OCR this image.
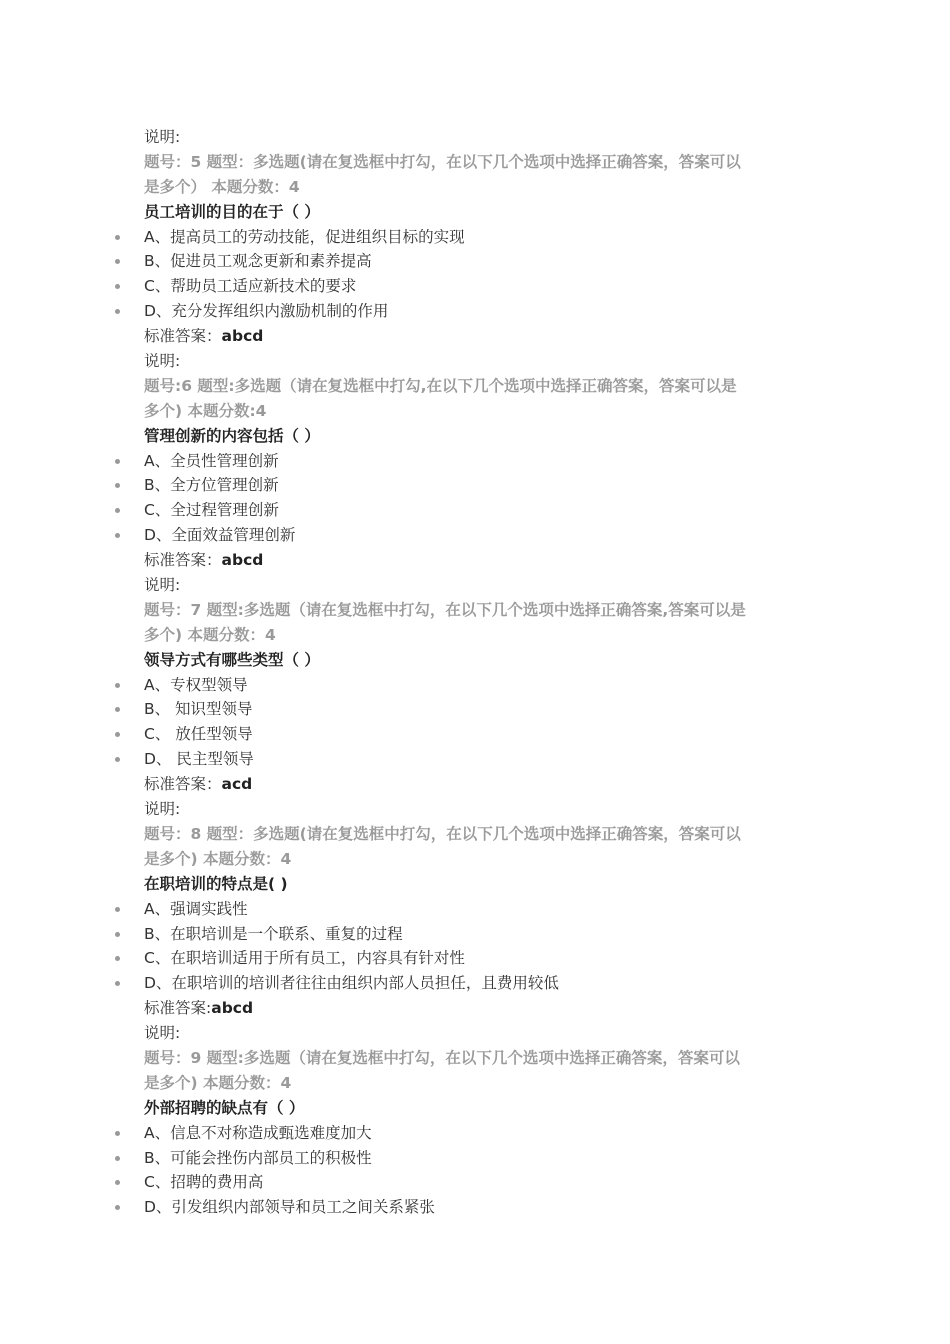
说明:
题号：5 题型：多选题(请在复选框中打勾，在以下几个选项中选择正确答案，答案可以
是多个） 本题分数：4
员工培训的目的在于（ ）
A、提高员工的劳动技能，促进组织目标的实现
B、促进员工观念更新和素养提高
C、帮助员工适应新技术的要求
D、充分发挥组织内激励机制的作用
标准答案：abcd
说明:
题号:6 题型:多选题（请在复选框中打勾,在以下几个选项中选择正确答案，答案可以是
多个) 本题分数:4
管理创新的内容包括（ ）
A、全员性管理创新
B、全方位管理创新
C、全过程管理创新
D、全面效益管理创新
标准答案：abcd
说明:
题号：7 题型:多选题（请在复选框中打勾，在以下几个选项中选择正确答案,答案可以是
多个) 本题分数：4
领导方式有哪些类型（ ）
A、专权型领导
B、 知识型领导
C、 放任型领导
D、 民主型领导
标准答案：acd
说明:
题号：8 题型：多选题(请在复选框中打勾，在以下几个选项中选择正确答案，答案可以
是多个) 本题分数：4
在职培训的特点是( )
A、强调实践性
B、在职培训是一个联系、重复的过程
C、在职培训适用于所有员工，内容具有针对性
D、在职培训的培训者往往由组织内部人员担任，且费用较低
标准答案:abcd
说明:
题号：9 题型:多选题（请在复选框中打勾，在以下几个选项中选择正确答案，答案可以
是多个) 本题分数：4
外部招聘的缺点有（ ）
A、信息不对称造成甄选难度加大
B、可能会挫伤内部员工的积极性
C、招聘的费用高
D、引发组织内部领导和员工之间关系紧张
